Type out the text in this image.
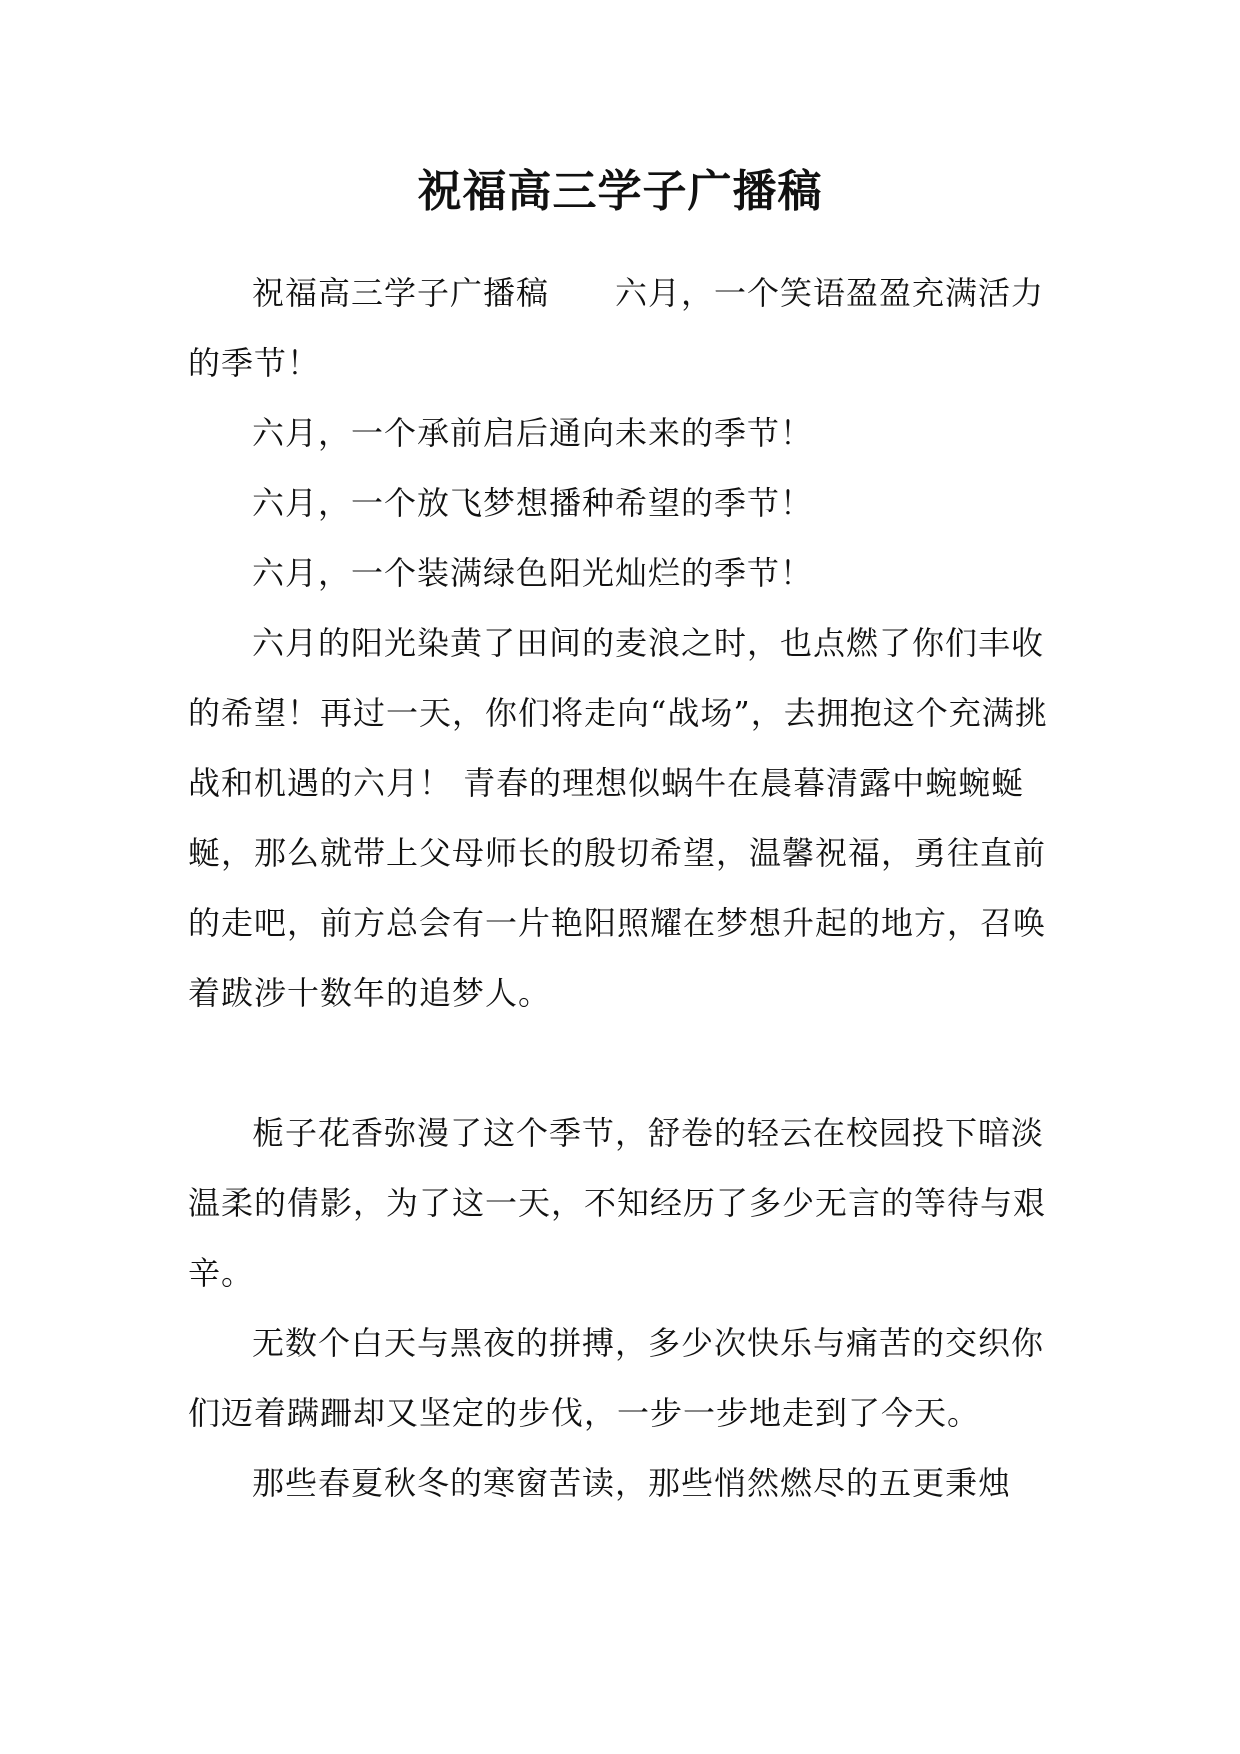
祝福高三学子广播稿

祝福高三学子广播稿　　六月，一个笑语盈盈充满活力的季节！

六月，一个承前启后通向未来的季节！

六月，一个放飞梦想播种希望的季节！

六月，一个装满绿色阳光灿烂的季节！

六月的阳光染黄了田间的麦浪之时，也点燃了你们丰收的希望！再过一天，你们将走向“战场”，去拥抱这个充满挑战和机遇的六月！ 青春的理想似蜗牛在晨暮清露中蜿蜿蜒蜒，那么就带上父母师长的殷切希望，温馨祝福，勇往直前的走吧，前方总会有一片艳阳照耀在梦想升起的地方，召唤着跋涉十数年的追梦人。

栀子花香弥漫了这个季节，舒卷的轻云在校园投下暗淡温柔的倩影，为了这一天，不知经历了多少无言的等待与艰辛。

无数个白天与黑夜的拼搏，多少次快乐与痛苦的交织你们迈着蹒跚却又坚定的步伐，一步一步地走到了今天。

那些春夏秋冬的寒窗苦读，那些悄然燃尽的五更秉烛
